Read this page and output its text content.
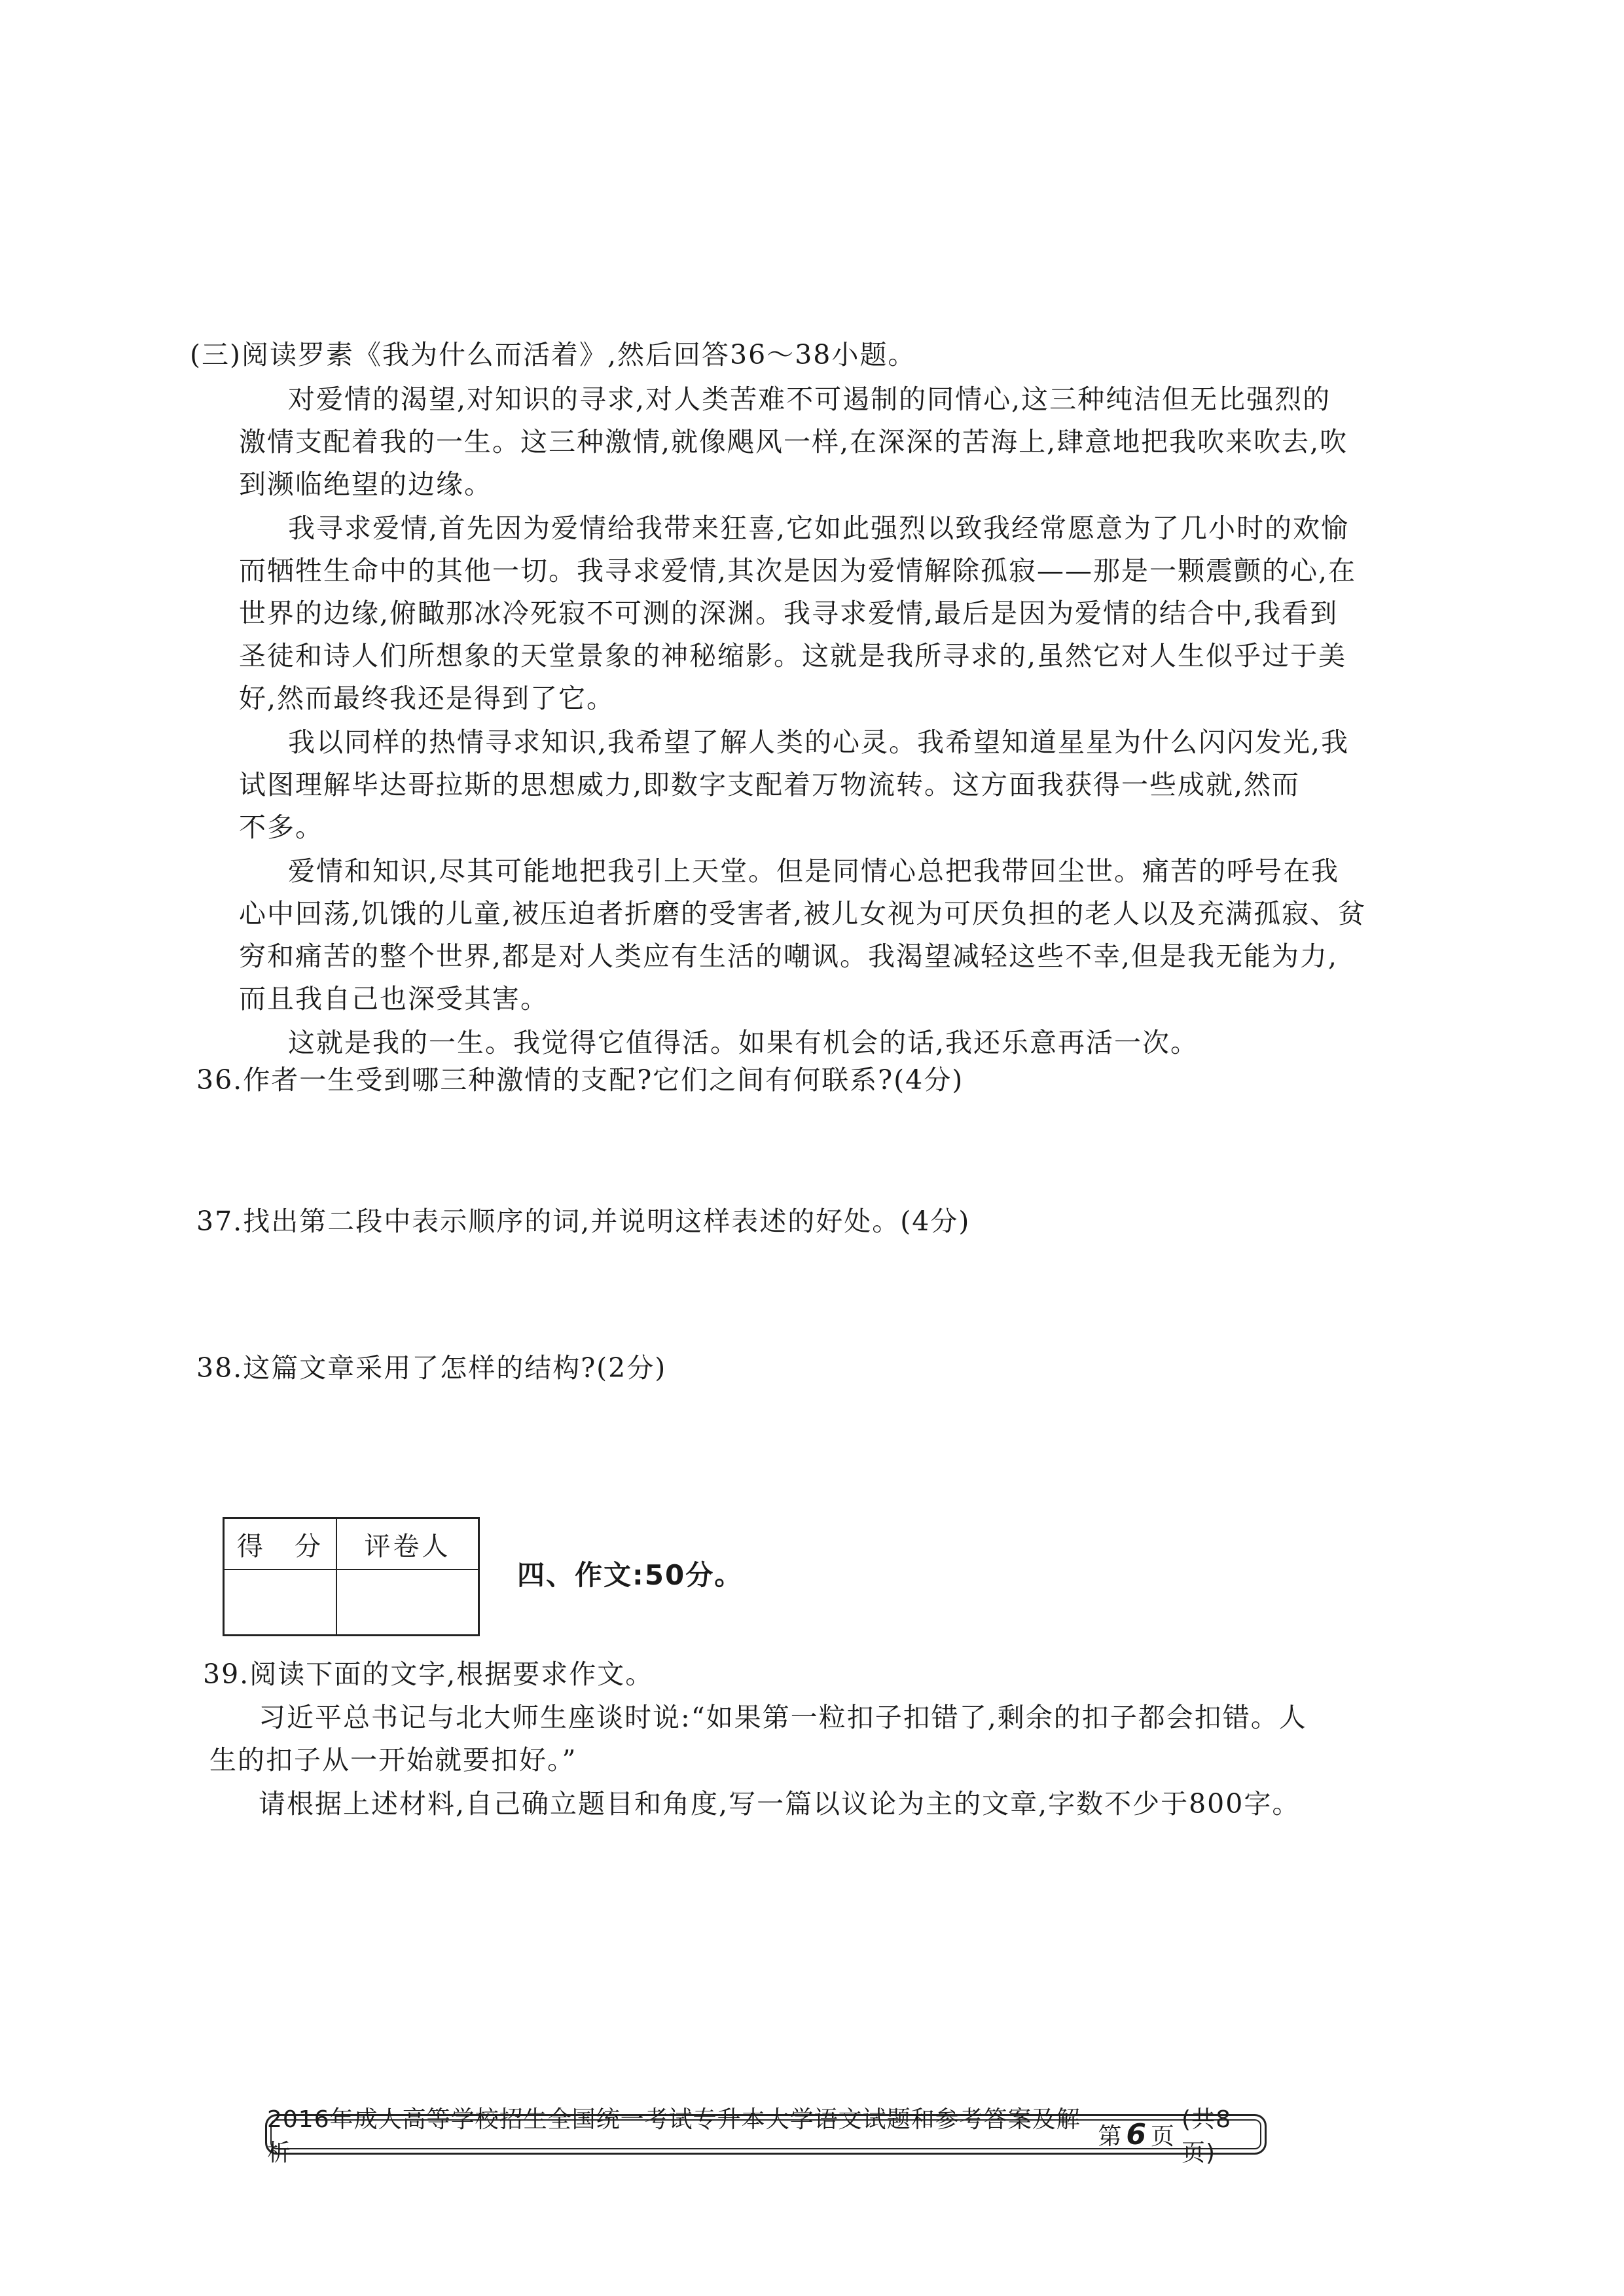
(三)阅读罗素《我为什么而活着》,然后回答36～38小题。
对爱情的渴望,对知识的寻求,对人类苦难不可遏制的同情心,这三种纯洁但无比强烈的
激情支配着我的一生。这三种激情,就像飓风一样,在深深的苦海上,肆意地把我吹来吹去,吹
到濒临绝望的边缘。
我寻求爱情,首先因为爱情给我带来狂喜,它如此强烈以致我经常愿意为了几小时的欢愉
而牺牲生命中的其他一切。我寻求爱情,其次是因为爱情解除孤寂——那是一颗震颤的心,在
世界的边缘,俯瞰那冰冷死寂不可测的深渊。我寻求爱情,最后是因为爱情的结合中,我看到
圣徒和诗人们所想象的天堂景象的神秘缩影。这就是我所寻求的,虽然它对人生似乎过于美
好,然而最终我还是得到了它。
我以同样的热情寻求知识,我希望了解人类的心灵。我希望知道星星为什么闪闪发光,我
试图理解毕达哥拉斯的思想威力,即数字支配着万物流转。这方面我获得一些成就,然而
不多。
爱情和知识,尽其可能地把我引上天堂。但是同情心总把我带回尘世。痛苦的呼号在我
心中回荡,饥饿的儿童,被压迫者折磨的受害者,被儿女视为可厌负担的老人以及充满孤寂、贫
穷和痛苦的整个世界,都是对人类应有生活的嘲讽。我渴望减轻这些不幸,但是我无能为力,
而且我自己也深受其害。
这就是我的一生。我觉得它值得活。如果有机会的话,我还乐意再活一次。
36.作者一生受到哪三种激情的支配?它们之间有何联系?(4分)
37.找出第二段中表示顺序的词,并说明这样表述的好处。(4分)
38.这篇文章采用了怎样的结构?(2分)
得　分	评卷人

四、作文:50分。
39.阅读下面的文字,根据要求作文。
习近平总书记与北大师生座谈时说:“如果第一粒扣子扣错了,剩余的扣子都会扣错。人
生的扣子从一开始就要扣好。”
请根据上述材料,自己确立题目和角度,写一篇以议论为主的文章,字数不少于800字。
2016年成人高等学校招生全国统一考试专升本大学语文试题和参考答案及解析
第 6 页
(共8页)
